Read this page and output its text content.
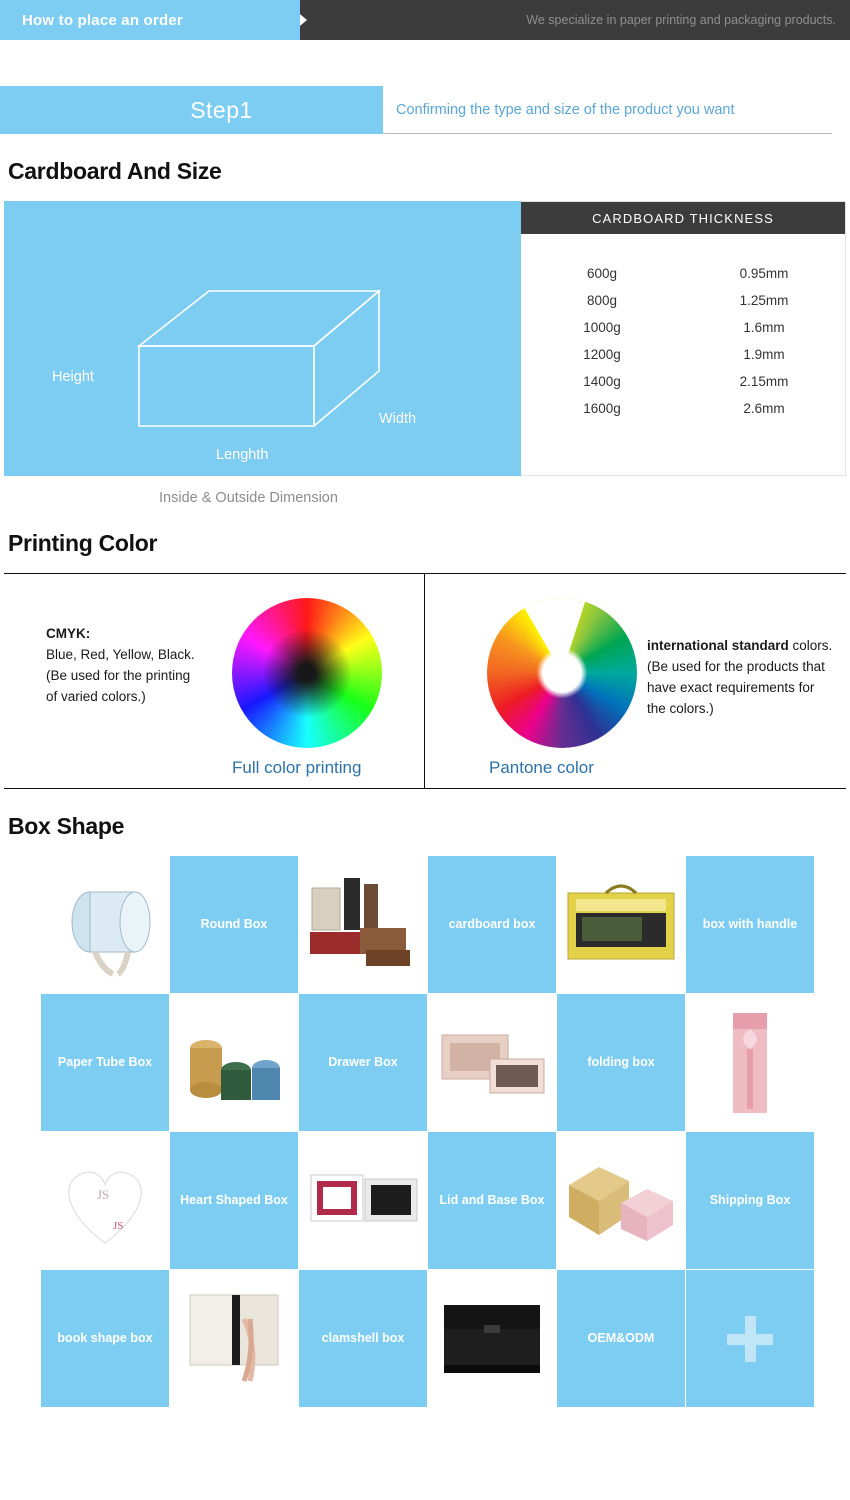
We specialize in paper printing and packaging products.
How to place an order
Step1	Confirming the type and size of the product you want
Cardboard And Size
Height
Width
Lenghth
CARDBOARD THICKNESS
600g	0.95mm
800g	1.25mm
1000g	1.6mm
1200g	1.9mm
1400g	2.15mm
1600g	2.6mm
Inside & Outside Dimension
Printing Color
CMYK:
Blue, Red, Yellow, Black.
(Be used for the printing
of varied colors.)
Full color printing
international standard colors.
(Be used for the products that
have exact requirements for
the colors.)
Pantone color
Box Shape
Round Box	cardboard box	box with handle
Paper Tube Box	Drawer Box	folding box
JS
JS
Heart Shaped Box	Lid and Base Box	Shipping Box
book shape box	clamshell box	OEM&ODM
